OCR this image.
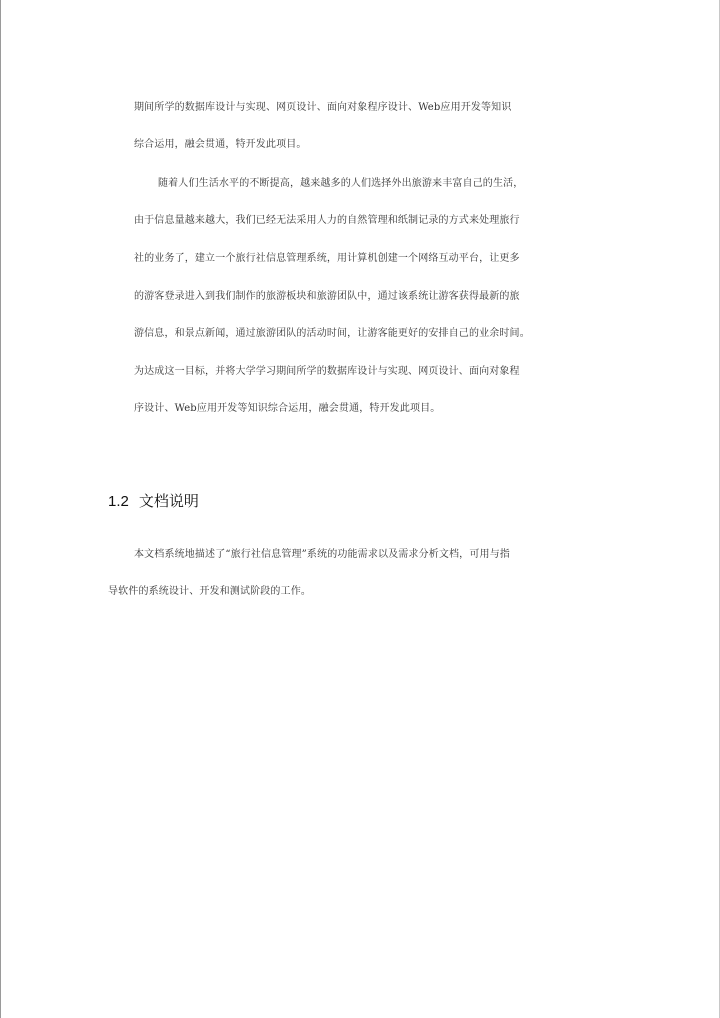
期间所学的数据库设计与实现、网页设计、面向对象程序设计、Web应用开发等知识
综合运用，融会贯通，特开发此项目。
随着人们生活水平的不断提高，越来越多的人们选择外出旅游来丰富自己的生活，
由于信息量越来越大，我们已经无法采用人力的自然管理和纸制记录的方式来处理旅行
社的业务了，建立一个旅行社信息管理系统，用计算机创建一个网络互动平台，让更多
的游客登录进入到我们制作的旅游板块和旅游团队中，通过该系统让游客获得最新的旅
游信息，和景点新闻，通过旅游团队的活动时间，让游客能更好的安排自己的业余时间。
为达成这一目标，并将大学学习期间所学的数据库设计与实现、网页设计、面向对象程
序设计、Web应用开发等知识综合运用，融会贯通，特开发此项目。
1.2 文档说明
本文档系统地描述了“旅行社信息管理”系统的功能需求以及需求分析文档，可用与指
导软件的系统设计、开发和测试阶段的工作。
